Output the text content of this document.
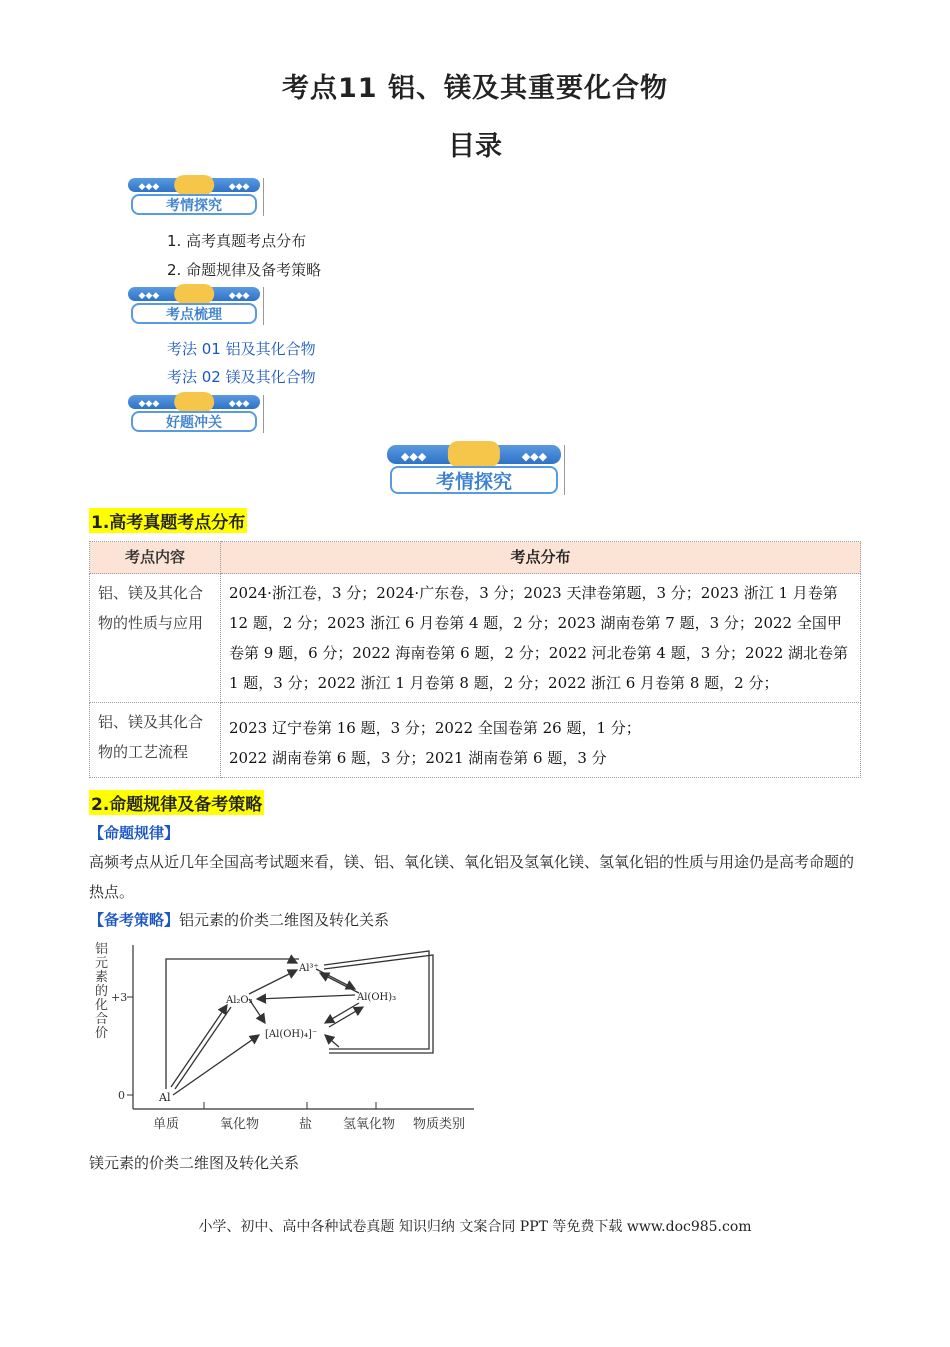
考点11 铝、镁及其重要化合物
目录
◆◆◆	◆◆◆
考情探究
1. 高考真题考点分布
2. 命题规律及备考策略
◆◆◆	◆◆◆
考点梳理
考法 01 铝及其化合物
考法 02 镁及其化合物
◆◆◆	◆◆◆
好题冲关
◆◆◆	◆◆◆
考情探究
1.高考真题考点分布
考点内容	考点分布
铝、镁及其化合物的性质与应用	2024·浙江卷，3 分；2024·广东卷，3 分；2023 天津卷第题，3 分；2023 浙江 1 月卷第 12 题，2 分；2023 浙江 6 月卷第 4 题，2 分；2023 湖南卷第 7 题，3 分；2022 全国甲卷第 9 题，6 分；2022 海南卷第 6 题，2 分；2022 河北卷第 4 题，3 分；2022 湖北卷第 1 题，3 分；2022 浙江 1 月卷第 8 题，2 分；2022 浙江 6 月卷第 8 题，2 分；
铝、镁及其化合物的工艺流程	2023 辽宁卷第 16 题，3 分；2022 全国卷第 26 题，1 分；
2022 湖南卷第 6 题，3 分；2021 湖南卷第 6 题，3 分
2.命题规律及备考策略
【命题规律】
高频考点从近几年全国高考试题来看，镁、铝、氧化镁、氧化铝及氢氧化镁、氢氧化铝的性质与用途仍是高考命题的热点。
【备考策略】铝元素的价类二维图及转化关系
铝元素的化合价
+3
0
单质	氧化物	盐 氢氧化物 物质类别
Al
Al₂O₃
Al³⁺
[Al(OH)₄]⁻
Al(OH)₃
镁元素的价类二维图及转化关系
小学、初中、高中各种试卷真题 知识归纳 文案合同 PPT 等免费下载 www.doc985.com
